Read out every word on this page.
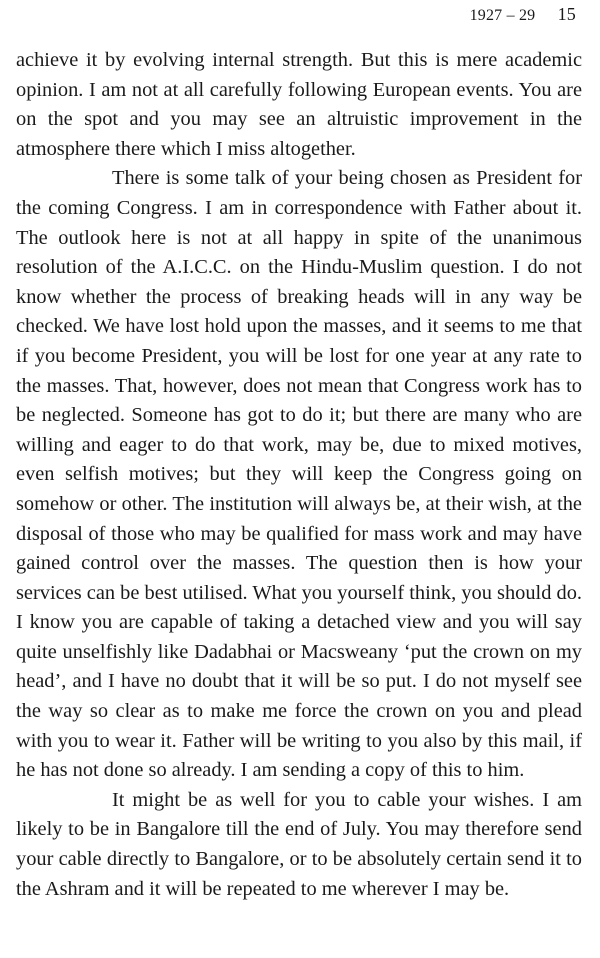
1927 – 29 15

achieve it by evolving internal strength. But this is mere academic opinion. I am not at all carefully following European events. You are on the spot and you may see an altruistic improvement in the atmosphere there which I miss altogether.

There is some talk of your being chosen as President for the coming Congress. I am in correspondence with Father about it. The outlook here is not at all happy in spite of the unanimous resolution of the A.I.C.C. on the Hindu-Muslim question. I do not know whether the process of breaking heads will in any way be checked. We have lost hold upon the masses, and it seems to me that if you become President, you will be lost for one year at any rate to the masses. That, however, does not mean that Congress work has to be neglected. Someone has got to do it; but there are many who are willing and eager to do that work, may be, due to mixed motives, even selfish motives; but they will keep the Congress going on somehow or other. The institution will always be, at their wish, at the disposal of those who may be qualified for mass work and may have gained control over the masses. The question then is how your services can be best utilised. What you yourself think, you should do. I know you are capable of taking a detached view and you will say quite unselfishly like Dadabhai or Macsweany ‘put the crown on my head’, and I have no doubt that it will be so put. I do not myself see the way so clear as to make me force the crown on you and plead with you to wear it. Father will be writing to you also by this mail, if he has not done so already. I am sending a copy of this to him.

It might be as well for you to cable your wishes. I am likely to be in Bangalore till the end of July. You may therefore send your cable directly to Bangalore, or to be absolutely certain send it to the Ashram and it will be repeated to me wherever I may be.
